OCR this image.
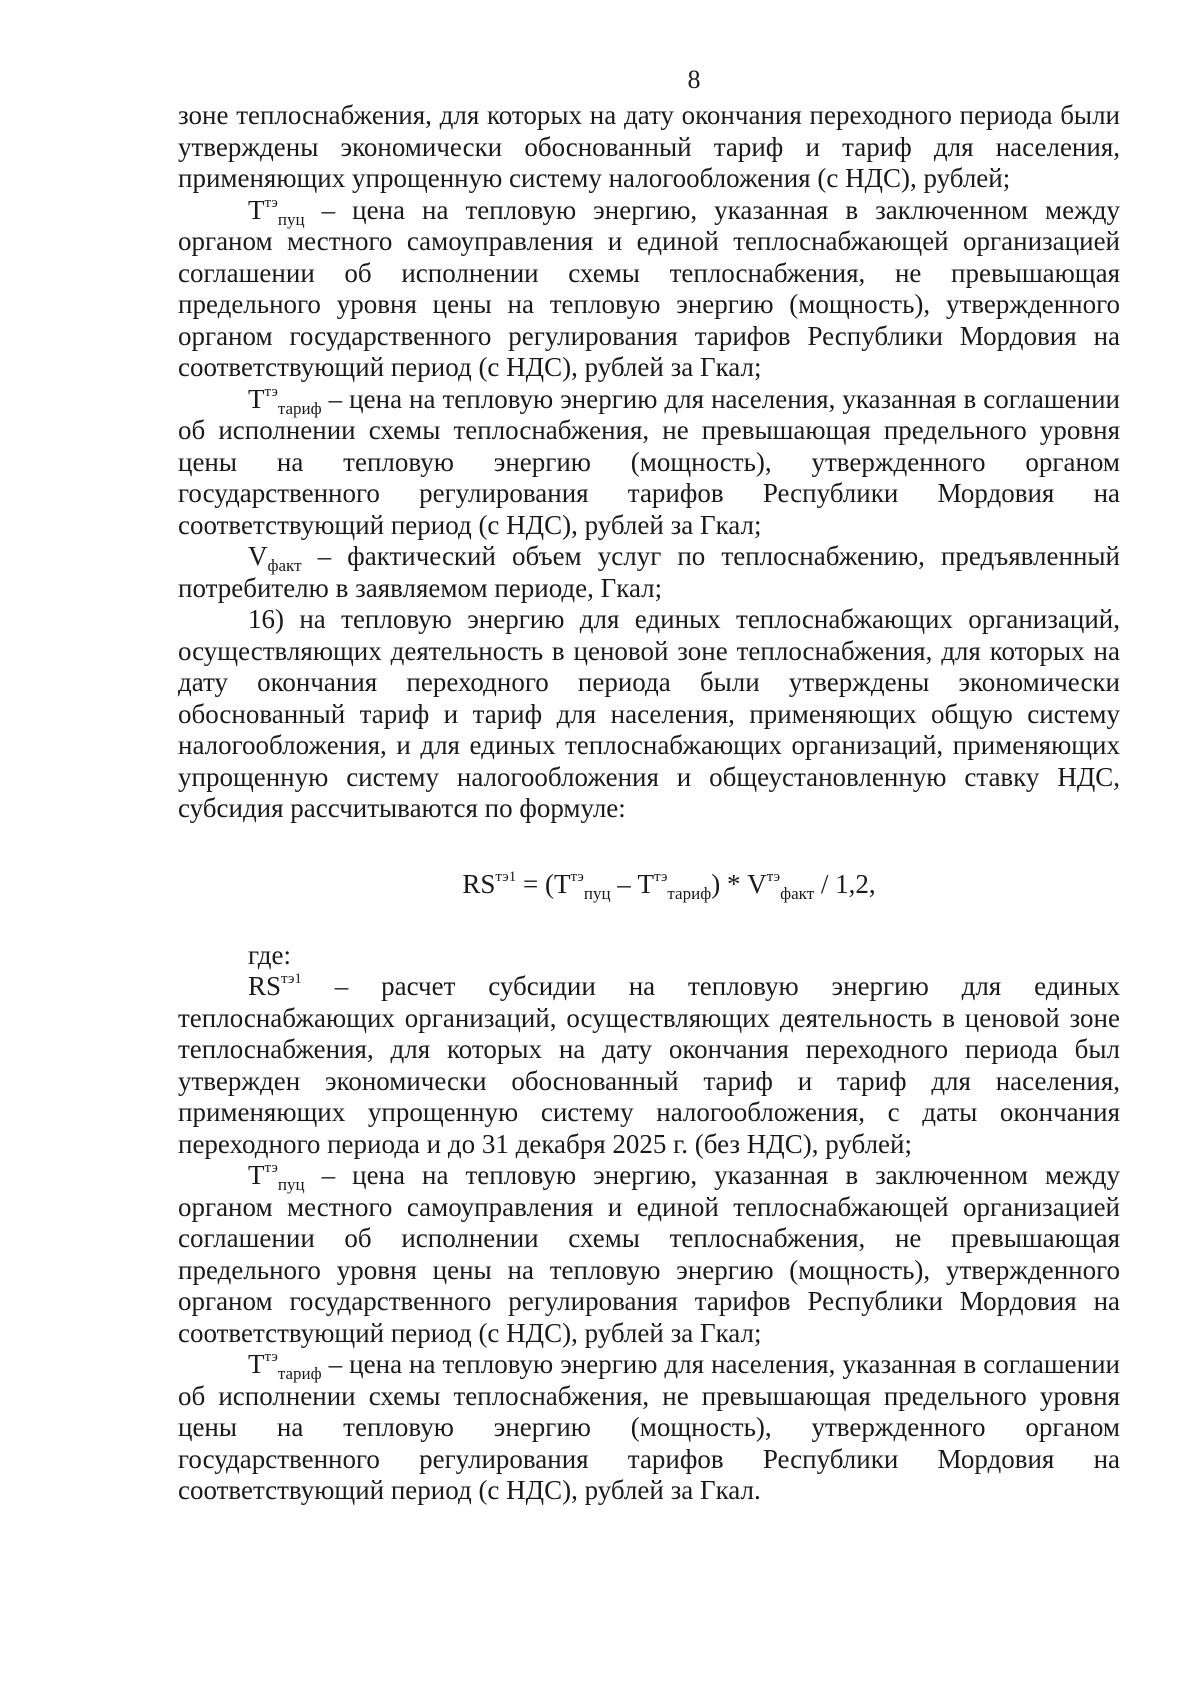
8

зоне теплоснабжения, для которых на дату окончания переходного периода были утверждены экономически обоснованный тариф и тариф для населения, применяющих упрощенную систему налогообложения (с НДС), рублей;

$T^{тэ}_{пуц}$ – цена на тепловую энергию, указанная в заключенном между органом местного самоуправления и единой теплоснабжающей организацией соглашении об исполнении схемы теплоснабжения, не превышающая предельного уровня цены на тепловую энергию (мощность), утвержденного органом государственного регулирования тарифов Республики Мордовия на соответствующий период (с НДС), рублей за Гкал;

$T^{тэ}_{тариф}$ – цена на тепловую энергию для населения, указанная в соглашении об исполнении схемы теплоснабжения, не превышающая предельного уровня цены на тепловую энергию (мощность), утвержденного органом государственного регулирования тарифов Республики Мордовия на соответствующий период (с НДС), рублей за Гкал;

$V_{факт}$ – фактический объем услуг по теплоснабжению, предъявленный потребителю в заявляемом периоде, Гкал;

16) на тепловую энергию для единых теплоснабжающих организаций, осуществляющих деятельность в ценовой зоне теплоснабжения, для которых на дату окончания переходного периода были утверждены экономически обоснованный тариф и тариф для населения, применяющих общую систему налогообложения, и для единых теплоснабжающих организаций, применяющих упрощенную систему налогообложения и общеустановленную ставку НДС, субсидия рассчитываются по формуле:

$RS^{тэ1} = (T^{тэ}_{пуц} - T^{тэ}_{тариф}) * V^{тэ}_{факт} / 1,2$,

где:

$RS^{тэ1}$ – расчет субсидии на тепловую энергию для единых теплоснабжающих организаций, осуществляющих деятельность в ценовой зоне теплоснабжения, для которых на дату окончания переходного периода был утвержден экономически обоснованный тариф и тариф для населения, применяющих упрощенную систему налогообложения, с даты окончания переходного периода и до 31 декабря 2025 г. (без НДС), рублей;

$T^{тэ}_{пуц}$ – цена на тепловую энергию, указанная в заключенном между органом местного самоуправления и единой теплоснабжающей организацией соглашении об исполнении схемы теплоснабжения, не превышающая предельного уровня цены на тепловую энергию (мощность), утвержденного органом государственного регулирования тарифов Республики Мордовия на соответствующий период (с НДС), рублей за Гкал;

$T^{тэ}_{тариф}$ – цена на тепловую энергию для населения, указанная в соглашении об исполнении схемы теплоснабжения, не превышающая предельного уровня цены на тепловую энергию (мощность), утвержденного органом государственного регулирования тарифов Республики Мордовия на соответствующий период (с НДС), рублей за Гкал.
